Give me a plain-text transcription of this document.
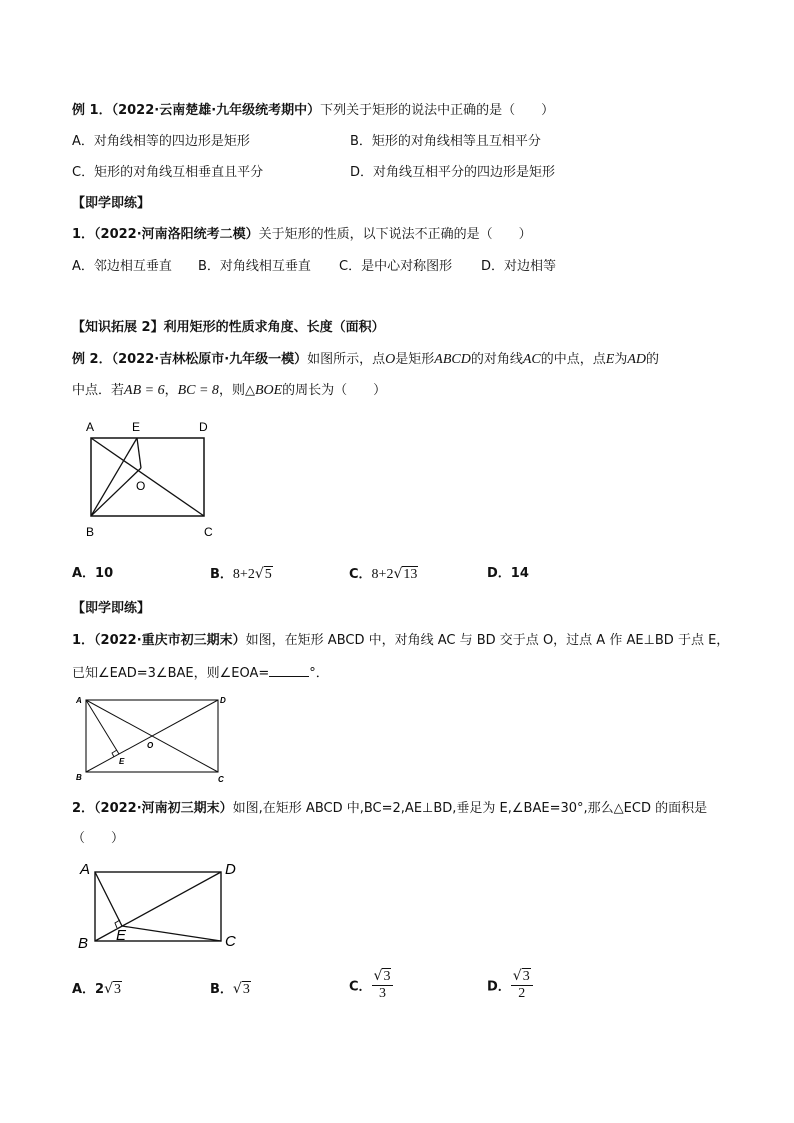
例 1．（2022·云南楚雄·九年级统考期中）下列关于矩形的说法中正确的是（　　）
A．对角线相等的四边形是矩形	B．矩形的对角线相等且互相平分
C．矩形的对角线互相垂直且平分	D．对角线互相平分的四边形是矩形
【即学即练】
1．（2022·河南洛阳统考二模）关于矩形的性质，以下说法不正确的是（　　）
A．邻边相互垂直 B．对角线相互垂直 C．是中心对称图形 D．对边相等
【知识拓展 2】利用矩形的性质求角度、长度（面积）
例 2．（2022·吉林松原市·九年级一模）如图所示，点O是矩形ABCD的对角线AC的中点，点E为AD的
中点．若AB = 6，BC = 8，则△BOE的周长为（　　）
A	E	D
O
B	C
A．10	B．8+2√5	C．8+2√13	D．14
【即学即练】
1．（2022·重庆市初三期末）如图，在矩形 ABCD 中，对角线 AC 与 BD 交于点 O，过点 A 作 AE⊥BD 于点 E，
已知∠EAD=3∠BAE，则∠EOA=	°．
A	D
O
E
B	C
2．（2022·河南初三期末）如图,在矩形 ABCD 中,BC=2,AE⊥BD,垂足为 E,∠BAE=30°,那么△ECD 的面积是
（　　）
A	D
E
B	C
A．2√3	B．√3	C． $\frac{√3}{3}$	D． $\frac{√3}{2}$
